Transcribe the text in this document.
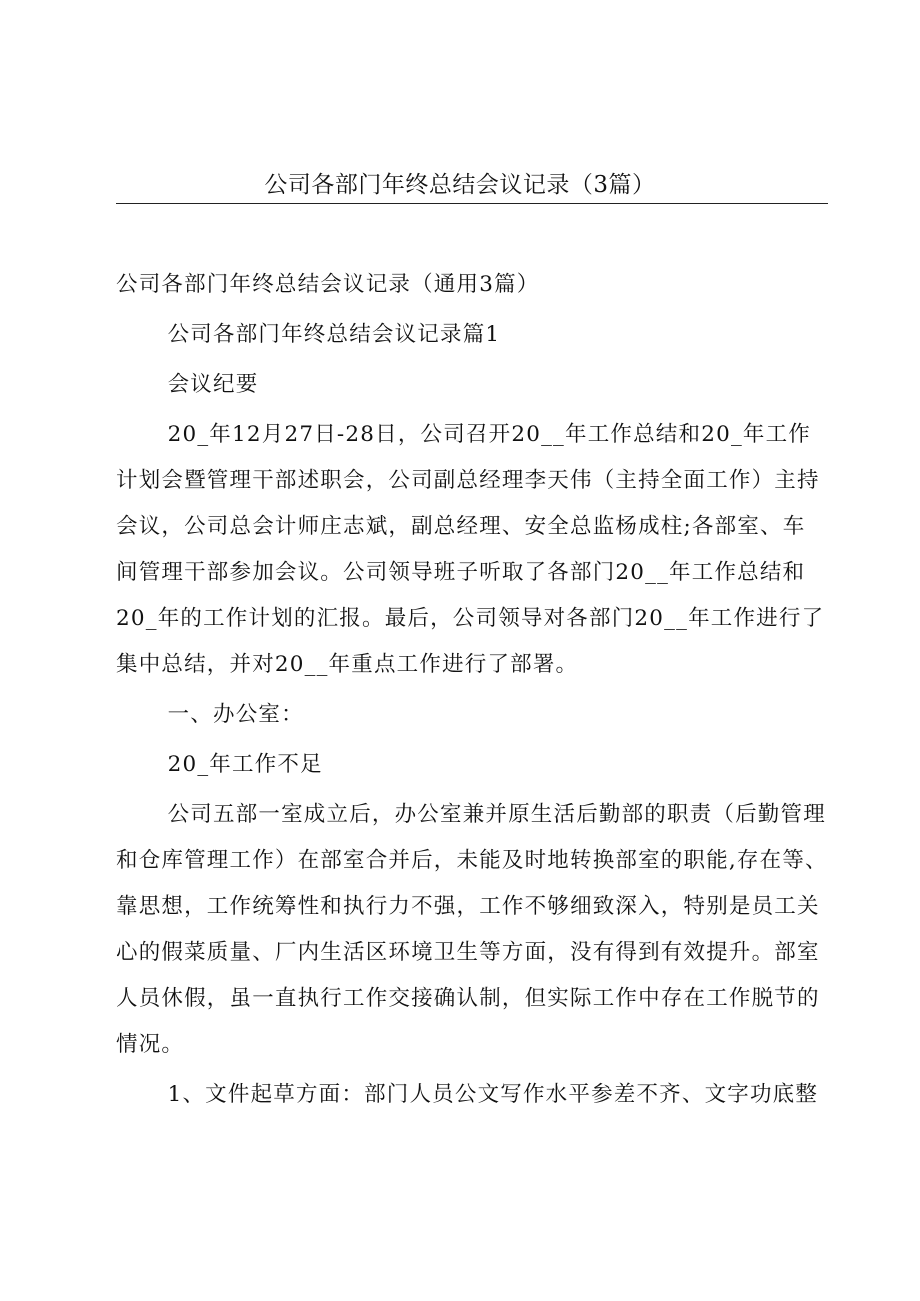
公司各部门年终总结会议记录（3篇）

公司各部门年终总结会议记录（通用3篇）

公司各部门年终总结会议记录篇1

会议纪要

20_年12月27日-28日，公司召开20__年工作总结和20_年工作计划会暨管理干部述职会，公司副总经理李天伟（主持全面工作）主持会议，公司总会计师庄志斌，副总经理、安全总监杨成柱;各部室、车间管理干部参加会议。公司领导班子听取了各部门20__年工作总结和20_年的工作计划的汇报。最后，公司领导对各部门20__年工作进行了集中总结，并对20__年重点工作进行了部署。

一、办公室：

20_年工作不足

公司五部一室成立后，办公室兼并原生活后勤部的职责（后勤管理和仓库管理工作）在部室合并后，未能及时地转换部室的职能,存在等、靠思想，工作统筹性和执行力不强，工作不够细致深入，特别是员工关心的假菜质量、厂内生活区环境卫生等方面，没有得到有效提升。部室人员休假，虽一直执行工作交接确认制，但实际工作中存在工作脱节的情况。

1、文件起草方面：部门人员公文写作水平参差不齐、文字功底整
